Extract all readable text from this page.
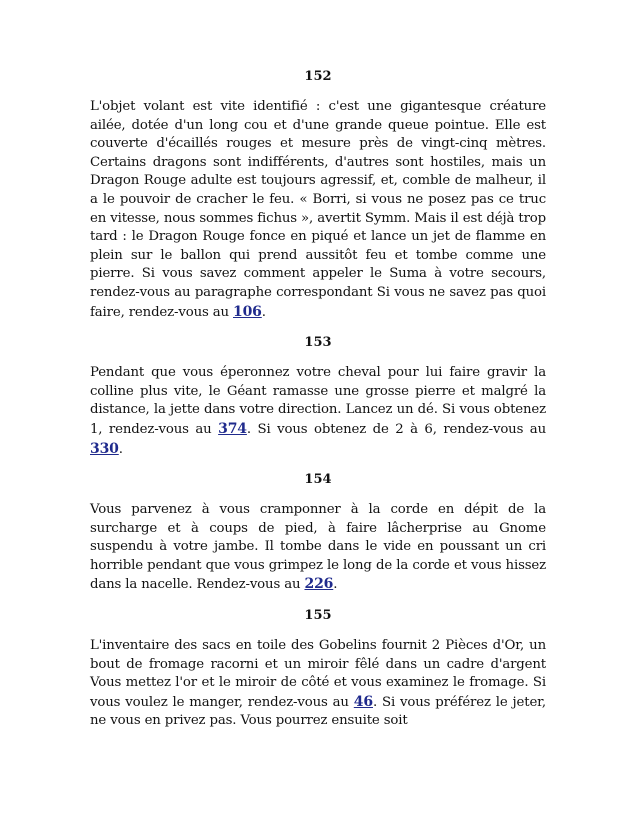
152

L'objet volant est vite identifié : c'est une gigantesque créature ailée, dotée d'un long cou et d'une grande queue pointue. Elle est couverte d'écaillés rouges et mesure près de vingt-cinq mètres. Certains dragons sont indifférents, d'autres sont hostiles, mais un Dragon Rouge adulte est toujours agressif, et, comble de malheur, il a le pouvoir de cracher le feu. « Borri, si vous ne posez pas ce truc en vitesse, nous sommes fichus », avertit Symm. Mais il est déjà trop tard : le Dragon Rouge fonce en piqué et lance un jet de flamme en plein sur le ballon qui prend aussitôt feu et tombe comme une pierre. Si vous savez comment appeler le Suma à votre secours, rendez-vous au paragraphe correspondant Si vous ne savez pas quoi faire, rendez-vous au 106.

153

Pendant que vous éperonnez votre cheval pour lui faire gravir la colline plus vite, le Géant ramasse une grosse pierre et malgré la distance, la jette dans votre direction. Lancez un dé. Si vous obtenez 1, rendez-vous au 374. Si vous obtenez de 2 à 6, rendez-vous au 330.

154

Vous parvenez à vous cramponner à la corde en dépit de la surcharge et à coups de pied, à faire lâcherprise au Gnome suspendu à votre jambe. Il tombe dans le vide en poussant un cri horrible pendant que vous grimpez le long de la corde et vous hissez dans la nacelle. Rendez-vous au 226.

155

L'inventaire des sacs en toile des Gobelins fournit 2 Pièces d'Or, un bout de fromage racorni et un miroir fêlé dans un cadre d'argent Vous mettez l'or et le miroir de côté et vous examinez le fromage. Si vous voulez le manger, rendez-vous au 46. Si vous préférez le jeter, ne vous en privez pas. Vous pourrez ensuite soit
